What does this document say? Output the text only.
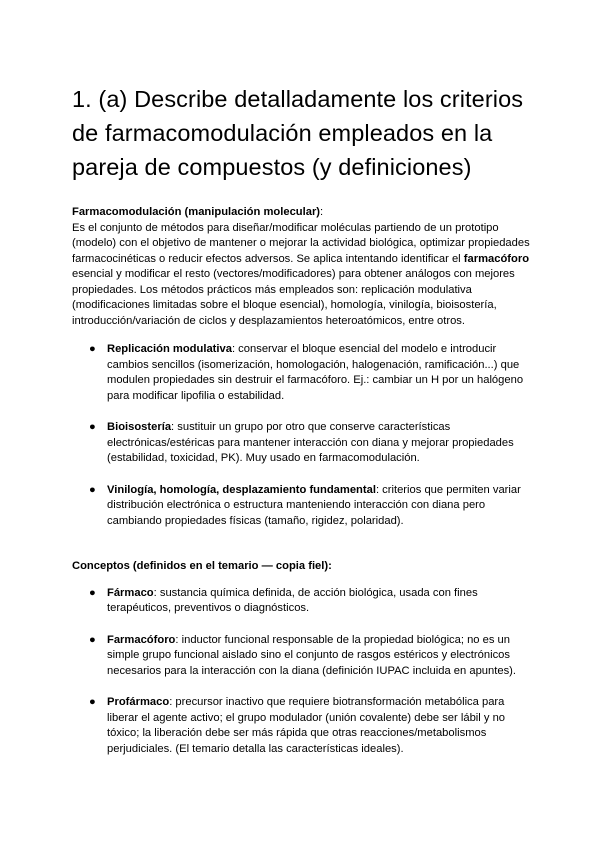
1. (a) Describe detalladamente los criterios de farmacomodulación empleados en la pareja de compuestos (y definiciones)

Farmacomodulación (manipulación molecular):

Es el conjunto de métodos para diseñar/modificar moléculas partiendo de un prototipo (modelo) con el objetivo de mantener o mejorar la actividad biológica, optimizar propiedades farmacocinéticas o reducir efectos adversos. Se aplica intentando identificar el farmacóforo esencial y modificar el resto (vectores/modificadores) para obtener análogos con mejores propiedades. Los métodos prácticos más empleados son: replicación modulativa (modificaciones limitadas sobre el bloque esencial), homología, vinilogía, bioisostería, introducción/variación de ciclos y desplazamientos heteroatómicos, entre otros.

● Replicación modulativa: conservar el bloque esencial del modelo e introducir cambios sencillos (isomerización, homologación, halogenación, ramificación...) que modulen propiedades sin destruir el farmacóforo. Ej.: cambiar un H por un halógeno para modificar lipofilia o estabilidad.
● Bioisostería: sustituir un grupo por otro que conserve características electrónicas/estéricas para mantener interacción con diana y mejorar propiedades (estabilidad, toxicidad, PK). Muy usado en farmacomodulación.
● Vinilogía, homología, desplazamiento fundamental: criterios que permiten variar distribución electrónica o estructura manteniendo interacción con diana pero cambiando propiedades físicas (tamaño, rigidez, polaridad).

Conceptos (definidos en el temario — copia fiel):

● Fármaco: sustancia química definida, de acción biológica, usada con fines terapéuticos, preventivos o diagnósticos.
● Farmacóforo: inductor funcional responsable de la propiedad biológica; no es un simple grupo funcional aislado sino el conjunto de rasgos estéricos y electrónicos necesarios para la interacción con la diana (definición IUPAC incluida en apuntes).
● Profármaco: precursor inactivo que requiere biotransformación metabólica para liberar el agente activo; el grupo modulador (unión covalente) debe ser lábil y no tóxico; la liberación debe ser más rápida que otras reacciones/metabolismos perjudiciales. (El temario detalla las características ideales).
